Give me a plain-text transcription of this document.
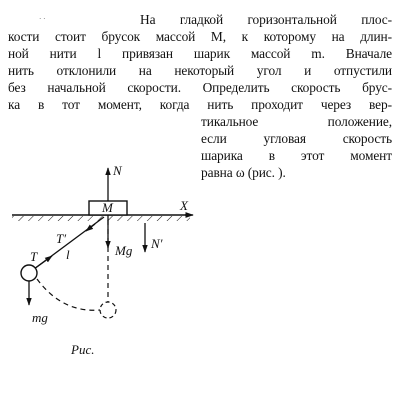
· ·	На гладкой горизонтальной плос-
кости стоит брусок массой M, к которому на длин-
ной нити l привязан шарик массой m. Вначале
нить отклонили на некоторый угол и отпустили
без начальной скорости. Определить скорость брус-
ка в тот момент, когда нить проходит через вер-
тикальное положение,
если угловая скорость
шарика в этот момент
равна ω (рис. ).
X
M
N
Mg N′
l
T′
T
mg
Рис.
